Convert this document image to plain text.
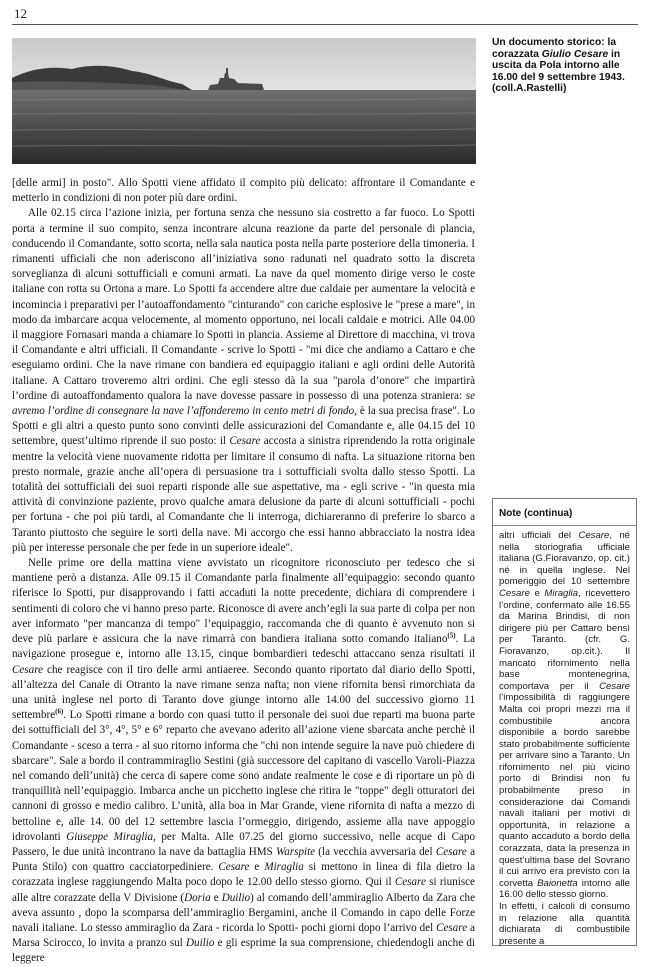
12
Un documento storico: la corazzata Giulio Cesare in uscita da Pola intorno alle 16.00 del 9 settembre 1943. (coll.A.Rastelli)

[delle armi] in posto". Allo Spotti viene affidato il compito più delicato: affrontare il Comandante e metterlo in condizioni di non poter più dare ordini.

Alle 02.15 circa l’azione inizia, per fortuna senza che nessuno sia costretto a far fuoco. Lo Spotti porta a termine il suo compito, senza incontrare alcuna reazione da parte del personale di plancia, conducendo il Comandante, sotto scorta, nella sala nautica posta nella parte posteriore della timoneria. I rimanenti ufficiali che non aderiscono all’iniziativa sono radunati nel quadrato sotto la discreta sorveglianza di alcuni sottufficiali e comuni armati. La nave da quel momento dirige verso le coste italiane con rotta su Ortona a mare. Lo Spotti fa accendere altre due caldaie per aumentare la velocità e incomincia i preparativi per l’autoaffondamento "cinturando" con cariche esplosive le "prese a mare", in modo da imbarcare acqua velocemente, al momento opportuno, nei locali caldaie e motrici. Alle 04.00 il maggiore Fornasari manda a chiamare lo Spotti in plancia. Assieme al Direttore di macchina, vi trova il Comandante e altri ufficiali. Il Comandante - scrive lo Spotti - "mi dice che andiamo a Cattaro e che eseguiamo ordini. Che la nave rimane con bandiera ed equipaggio italiani e agli ordini delle Autorità italiane. A Cattaro troveremo altri ordini. Che egli stesso dà la sua "parola d’onore" che impartirà l’ordine di autoaffondamento qualora la nave dovesse passare in possesso di una potenza straniera: se avremo l’ordine di consegnare la nave l’affonderemo in cento metri di fondo, è la sua precisa frase". Lo Spotti e gli altri a questo punto sono convinti delle assicurazioni del Comandante e, alle 04.15 del 10 settembre, quest’ultimo riprende il suo posto: il Cesare accosta a sinistra riprendendo la rotta originale mentre la velocità viene nuovamente ridotta per limitare il consumo di nafta. La situazione ritorna ben presto normale, grazie anche all’opera di persuasione tra i sottufficiali svolta dallo stesso Spotti. La totalità dei sottufficiali dei suoi reparti risponde alle sue aspettative, ma - egli scrive - "in questa mia attività di convinzione paziente, provo qualche amara delusione da parte di alcuni sottufficiali - pochi per fortuna - che poi più tardi, al Comandante che li interroga, dichiareranno di preferire lo sbarco a Taranto piuttosto che seguire le sorti della nave. Mi accorgo che essi hanno abbracciato la nostra idea più per interesse personale che per fede in un superiore ideale".

Nelle prime ore della mattina viene avvistato un ricognitore riconosciuto per tedesco che si mantiene però a distanza. Alle 09.15 il Comandante parla finalmente all’equipaggio: secondo quanto riferisce lo Spotti, pur disapprovando i fatti accaduti la notte precedente, dichiara di comprendere i sentimenti di coloro che vi hanno preso parte. Riconosce di avere anch’egli la sua parte di colpa per non aver informato "per mancanza di tempo" l’equipaggio, raccomanda che di quanto è avvenuto non si deve più parlare e assicura che la nave rimarrà con bandiera italiana sotto comando italiano$^{(5)}$. La navigazione prosegue e, intorno alle 13.15, cinque bombardieri tedeschi attaccano senza risultati il Cesare che reagisce con il tiro delle armi antiaeree. Secondo quanto riportato dal diario dello Spotti, all’altezza del Canale di Otranto la nave rimane senza nafta; non viene rifornita bensì rimorchiata da una unità inglese nel porto di Taranto dove giunge intorno alle 14.00 del successivo giorno 11 settembre$^{(6)}$. Lo Spotti rimane a bordo con quasi tutto il personale dei suoi due reparti ma buona parte dei sottufficiali del 3°, 4°, 5° e 6° reparto che avevano aderito all’azione viene sbarcata anche perchè il Comandante - sceso a terra - al suo ritorno informa che "chi non intende seguire la nave può chiedere di sbarcare". Sale a bordo il contrammiraglio Sestini (già successore del capitano di vascello Varoli-Piazza nel comando dell’unità) che cerca di sapere come sono andate realmente le cose e di riportare un pò di tranquillità nell’equipaggio. Imbarca anche un picchetto inglese che ritira le "toppe" degli otturatori dei cannoni di grosso e medio calibro. L’unità, alla boa in Mar Grande, viene rifornita di nafta a mezzo di bettoline e, alle 14. 00 del 12 settembre lascia l’ormeggio, dirigendo, assieme alla nave appoggio idrovolanti Giuseppe Miraglia, per Malta. Alle 07.25 del giorno successivo, nelle acque di Capo Passero, le due unità incontrano la nave da battaglia HMS Warspite (la vecchia avversaria del Cesare a Punta Stilo) con quattro cacciatorpediniere. Cesare e Miraglia si mettono in linea di fila dietro la corazzata inglese raggiungendo Malta poco dopo le 12.00 dello stesso giorno. Qui il Cesare si riunisce alle altre corazzate della V Divisione (Doria e Duilio) al comando dell’ammiraglio Alberto da Zara che aveva assunto , dopo la scomparsa dell’ammiraglio Bergamini, anche il Comando in capo delle Forze navali italiane. Lo stesso ammiraglio da Zara - ricorda lo Spotti- pochi giorni dopo l’arrivo del Cesare a Marsa Scirocco, lo invita a pranzo sul Duilio e gli esprime la sua comprensione, chiedendogli anche di leggere

Note (continua)

altri ufficiali del Cesare, né nella storiografia ufficiale italiana (G.Fioravanzo, op. cit.) né in quella inglese. Nel pomeriggio del 10 settembre Cesare e Miraglia, ricevettero l’ordine, confermato alle 16.55 da Marina Brindisi, di non dirigere più per Cattaro bensì per Taranto. (cfr. G. Fioravanzo, op.cit.). Il mancato rifornimento nella base montenegrina, comportava per il Cesare l’impossibilità di raggiungere Malta coi propri mezzi ma il combustibile ancora disponibile a bordo sarebbe stato probabilmente sufficiente per arrivare sino a Taranto. Un rifornimento nel più vicino porto di Brindisi non fu probabilmente preso in considerazione dai Comandi navali italiani per motivi di opportunità, in relazione a quanto accaduto a bordo della corazzata, data la presenza in quest’ultima base del Sovrano il cui arrivo era previsto con la corvetta Baionetta intorno alle 16.00 dello stesso giorno.

In effetti, i calcoli di consumo in relazione alla quantità dichiarata di combustibile presente a
